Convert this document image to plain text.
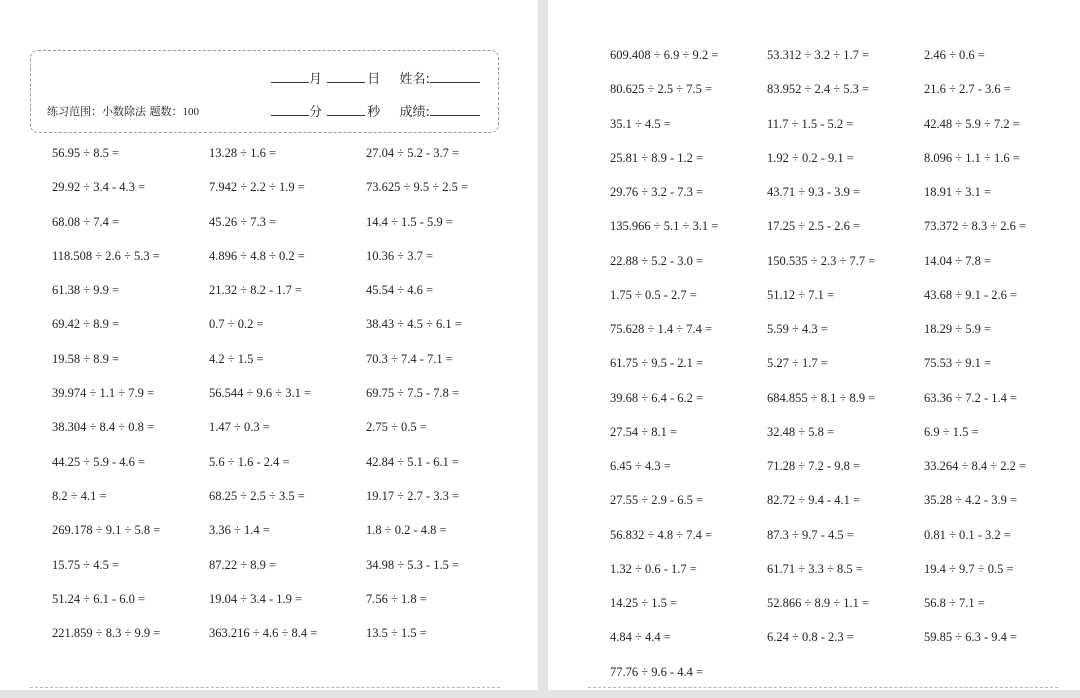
月	日 姓名:
分	秒 成绩:
练习范围：小数除法 题数：100
56.95 ÷ 8.5 =	13.28 ÷ 1.6 =	27.04 ÷ 5.2 - 3.7 =
29.92 ÷ 3.4 - 4.3 =	7.942 ÷ 2.2 ÷ 1.9 =	73.625 ÷ 9.5 ÷ 2.5 =
68.08 ÷ 7.4 =	45.26 ÷ 7.3 =	14.4 ÷ 1.5 - 5.9 =
118.508 ÷ 2.6 ÷ 5.3 =	4.896 ÷ 4.8 ÷ 0.2 =	10.36 ÷ 3.7 =
61.38 ÷ 9.9 =	21.32 ÷ 8.2 - 1.7 =	45.54 ÷ 4.6 =
69.42 ÷ 8.9 =	0.7 ÷ 0.2 =	38.43 ÷ 4.5 ÷ 6.1 =
19.58 ÷ 8.9 =	4.2 ÷ 1.5 =	70.3 ÷ 7.4 - 7.1 =
39.974 ÷ 1.1 ÷ 7.9 =	56.544 ÷ 9.6 ÷ 3.1 =	69.75 ÷ 7.5 - 7.8 =
38.304 ÷ 8.4 ÷ 0.8 =	1.47 ÷ 0.3 =	2.75 ÷ 0.5 =
44.25 ÷ 5.9 - 4.6 =	5.6 ÷ 1.6 - 2.4 =	42.84 ÷ 5.1 - 6.1 =
8.2 ÷ 4.1 =	68.25 ÷ 2.5 ÷ 3.5 =	19.17 ÷ 2.7 - 3.3 =
269.178 ÷ 9.1 ÷ 5.8 =	3.36 ÷ 1.4 =	1.8 ÷ 0.2 - 4.8 =
15.75 ÷ 4.5 =	87.22 ÷ 8.9 =	34.98 ÷ 5.3 - 1.5 =
51.24 ÷ 6.1 - 6.0 =	19.04 ÷ 3.4 - 1.9 =	7.56 ÷ 1.8 =
221.859 ÷ 8.3 ÷ 9.9 =	363.216 ÷ 4.6 ÷ 8.4 =	13.5 ÷ 1.5 =
609.408 ÷ 6.9 ÷ 9.2 =	53.312 ÷ 3.2 ÷ 1.7 =	2.46 ÷ 0.6 =
80.625 ÷ 2.5 ÷ 7.5 =	83.952 ÷ 2.4 ÷ 5.3 =	21.6 ÷ 2.7 - 3.6 =
35.1 ÷ 4.5 =	11.7 ÷ 1.5 - 5.2 =	42.48 ÷ 5.9 ÷ 7.2 =
25.81 ÷ 8.9 - 1.2 =	1.92 ÷ 0.2 - 9.1 =	8.096 ÷ 1.1 ÷ 1.6 =
29.76 ÷ 3.2 - 7.3 =	43.71 ÷ 9.3 - 3.9 =	18.91 ÷ 3.1 =
135.966 ÷ 5.1 ÷ 3.1 =	17.25 ÷ 2.5 - 2.6 =	73.372 ÷ 8.3 ÷ 2.6 =
22.88 ÷ 5.2 - 3.0 =	150.535 ÷ 2.3 ÷ 7.7 =	14.04 ÷ 7.8 =
1.75 ÷ 0.5 - 2.7 =	51.12 ÷ 7.1 =	43.68 ÷ 9.1 - 2.6 =
75.628 ÷ 1.4 ÷ 7.4 =	5.59 ÷ 4.3 =	18.29 ÷ 5.9 =
61.75 ÷ 9.5 - 2.1 =	5.27 ÷ 1.7 =	75.53 ÷ 9.1 =
39.68 ÷ 6.4 - 6.2 =	684.855 ÷ 8.1 ÷ 8.9 =	63.36 ÷ 7.2 - 1.4 =
27.54 ÷ 8.1 =	32.48 ÷ 5.8 =	6.9 ÷ 1.5 =
6.45 ÷ 4.3 =	71.28 ÷ 7.2 - 9.8 =	33.264 ÷ 8.4 ÷ 2.2 =
27.55 ÷ 2.9 - 6.5 =	82.72 ÷ 9.4 - 4.1 =	35.28 ÷ 4.2 - 3.9 =
56.832 ÷ 4.8 ÷ 7.4 =	87.3 ÷ 9.7 - 4.5 =	0.81 ÷ 0.1 - 3.2 =
1.32 ÷ 0.6 - 1.7 =	61.71 ÷ 3.3 ÷ 8.5 =	19.4 ÷ 9.7 ÷ 0.5 =
14.25 ÷ 1.5 =	52.866 ÷ 8.9 ÷ 1.1 =	56.8 ÷ 7.1 =
4.84 ÷ 4.4 =	6.24 ÷ 0.8 - 2.3 =	59.85 ÷ 6.3 - 9.4 =
77.76 ÷ 9.6 - 4.4 =
